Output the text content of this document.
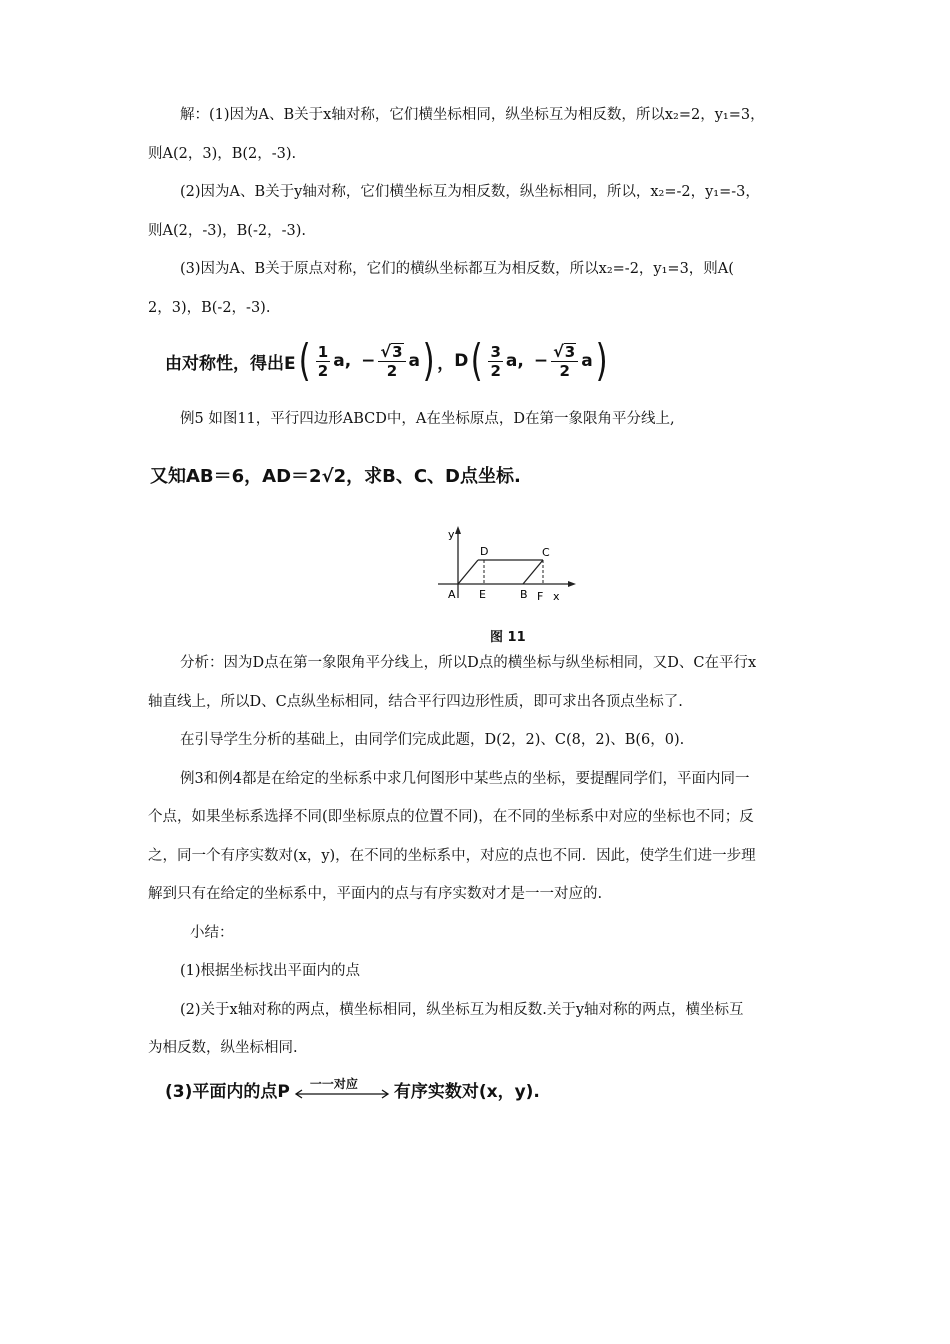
解：(1)因为A、B关于x轴对称，它们横坐标相同，纵坐标互为相反数，所以x₂=2，y₁=3，
则A(2，3)，B(2，-3).
(2)因为A、B关于y轴对称，它们横坐标互为相反数，纵坐标相同，所以，x₂=-2，y₁=-3，
则A(2，-3)，B(-2，-3).
(3)因为A、B关于原点对称，它们的横纵坐标都互为相反数，所以x₂=-2，y₁=3，则A(
2，3)，B(-2，-3).
由对称性，得出E ( $\frac{1}{2} a$, − $\frac{√ 3}{2}$ a ) ， D ( $\frac{3}{2} a$, − $\frac{√ 3}{2}$ a )
例5 如图11，平行四边形ABCD中，A在坐标原点，D在第一象限角平分线上,
又知AB＝6，AD＝2√2，求B、C、D点坐标.
y
x
A E	B F
D	C
图 11
分析：因为D点在第一象限角平分线上，所以D点的横坐标与纵坐标相同，又D、C在平行x
轴直线上，所以D、C点纵坐标相同，结合平行四边形性质，即可求出各顶点坐标了.
在引导学生分析的基础上，由同学们完成此题，D(2，2)、C(8，2)、B(6，0).
例3和例4都是在给定的坐标系中求几何图形中某些点的坐标，要提醒同学们，平面内同一
个点，如果坐标系选择不同(即坐标原点的位置不同)，在不同的坐标系中对应的坐标也不同；反
之，同一个有序实数对(x，y)，在不同的坐标系中，对应的点也不同．因此，使学生们进一步理
解到只有在给定的坐标系中，平面内的点与有序实数对才是一一对应的.
小结：
(1)根据坐标找出平面内的点
(2)关于x轴对称的两点，横坐标相同，纵坐标互为相反数.关于y轴对称的两点，横坐标互
为相反数，纵坐标相同.
(3)平面内的点P 一一对应 有序实数对(x，y).
